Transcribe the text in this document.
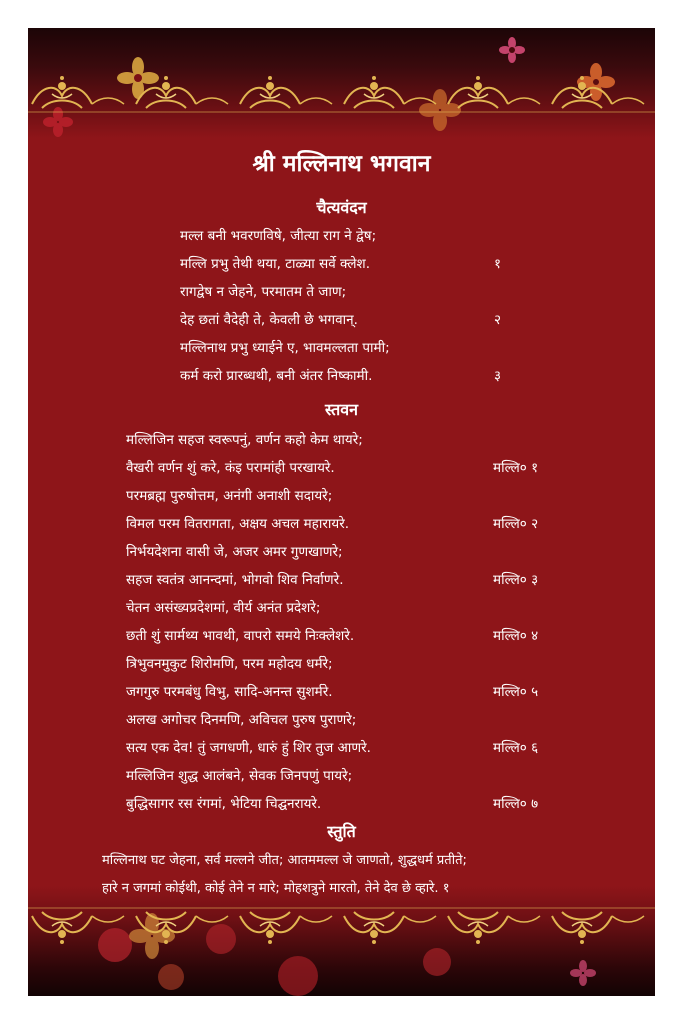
श्री मल्लिनाथ भगवान
चैत्यवंदन
मल्ल बनी भवरणविषे, जीत्या राग ने द्वेष;
मल्लि प्रभु तेथी थया, टाळ्या सर्वे क्लेश.	१
रागद्वेष न जेहने, परमातम ते जाण;
देह छतां वैदेही ते, केवली छे भगवान्.	२
मल्लिनाथ प्रभु ध्याईने ए, भावमल्लता पामी;
कर्म करो प्रारब्धथी, बनी अंतर निष्कामी.	३
स्तवन
मल्लिजिन सहज स्वरूपनुं, वर्णन कहो केम थायरे;
वैखरी वर्णन शुं करे, कंइ परामांही परखायरे.	मल्लि० १
परमब्रह्म पुरुषोत्तम, अनंगी अनाशी सदायरे;
विमल परम वितरागता, अक्षय अचल महारायरे.	मल्लि० २
निर्भयदेशना वासी जे, अजर अमर गुणखाणरे;
सहज स्वतंत्र आनन्दमां, भोगवो शिव निर्वाणरे.	मल्लि० ३
चेतन असंख्यप्रदेशमां, वीर्य अनंत प्रदेशरे;
छती शुं सार्मथ्य भावथी, वापरो समये निःक्लेशरे.	मल्लि० ४
त्रिभुवनमुकुट शिरोमणि, परम महोदय धर्मरे;
जगगुरु परमबंधु विभु, सादि-अनन्त सुशर्मरे.	मल्लि० ५
अलख अगोचर दिनमणि, अविचल पुरुष पुराणरे;
सत्य एक देव! तुं जगधणी, धारुं हुं शिर तुज आणरे.	मल्लि० ६
मल्लिजिन शुद्ध आलंबने, सेवक जिनपणुं पायरे;
बुद्धिसागर रस रंगमां, भेटिया चिद्घनरायरे.	मल्लि० ७
स्तुति
मल्लिनाथ घट जेहना, सर्व मल्लने जीत; आतममल्ल जे जाणतो, शुद्धधर्म प्रतीते;
हारे न जगमां कोईथी, कोई तेने न मारे; मोहशत्रुने मारतो, तेने देव छे व्हारे. १
